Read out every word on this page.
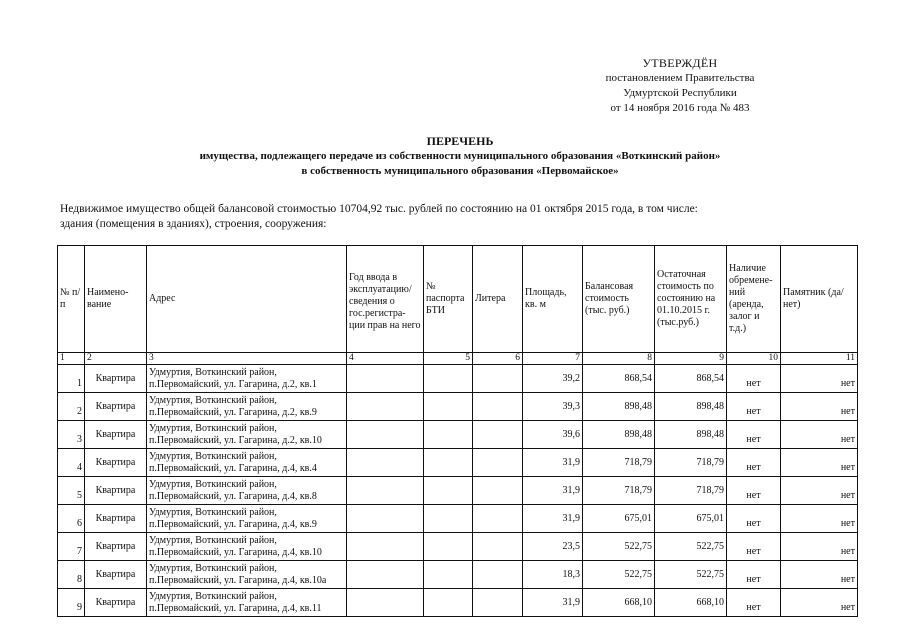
УТВЕРЖДЁН
постановлением Правительства
Удмуртской Республики
от 14 ноября 2016 года № 483
ПЕРЕЧЕНЬ
имущества, подлежащего передаче из собственности муниципального образования «Воткинский район»
в собственность муниципального образования «Первомайское»
Недвижимое имущество общей балансовой стоимостью 10704,92 тыс. рублей по состоянию на 01 октября 2015 года, в том числе:
здания (помещения в зданиях), строения, сооружения:
№ п/п	Наимено-вание	Адрес	Год ввода в эксплуатацию/ сведения о гос.регистра-ции прав на него	№ паспорта БТИ	Литера	Площадь, кв. м	Балансовая стоимость (тыс. руб.)	Остаточная стоимость по состоянию на 01.10.2015 г. (тыс.руб.)	Наличие обремене-ний (аренда, залог и т.д.)	Памятник (да/нет)
1	2	3	4	5	6	7	8	9	10	11
1	Квартира	Удмуртия, Воткинский район,
п.Первомайский, ул. Гагарина, д.2, кв.1				39,2	868,54	868,54	нет	нет
2	Квартира	Удмуртия, Воткинский район,
п.Первомайский, ул. Гагарина, д.2, кв.9				39,3	898,48	898,48	нет	нет
3	Квартира	Удмуртия, Воткинский район,
п.Первомайский, ул. Гагарина, д.2, кв.10				39,6	898,48	898,48	нет	нет
4	Квартира	Удмуртия, Воткинский район,
п.Первомайский, ул. Гагарина, д.4, кв.4				31,9	718,79	718,79	нет	нет
5	Квартира	Удмуртия, Воткинский район,
п.Первомайский, ул. Гагарина, д.4, кв.8				31,9	718,79	718,79	нет	нет
6	Квартира	Удмуртия, Воткинский район,
п.Первомайский, ул. Гагарина, д.4, кв.9				31,9	675,01	675,01	нет	нет
7	Квартира	Удмуртия, Воткинский район,
п.Первомайский, ул. Гагарина, д.4, кв.10				23,5	522,75	522,75	нет	нет
8	Квартира	Удмуртия, Воткинский район,
п.Первомайский, ул. Гагарина, д.4, кв.10а				18,3	522,75	522,75	нет	нет
9	Квартира	Удмуртия, Воткинский район,
п.Первомайский, ул. Гагарина, д.4, кв.11				31,9	668,10	668,10	нет	нет
